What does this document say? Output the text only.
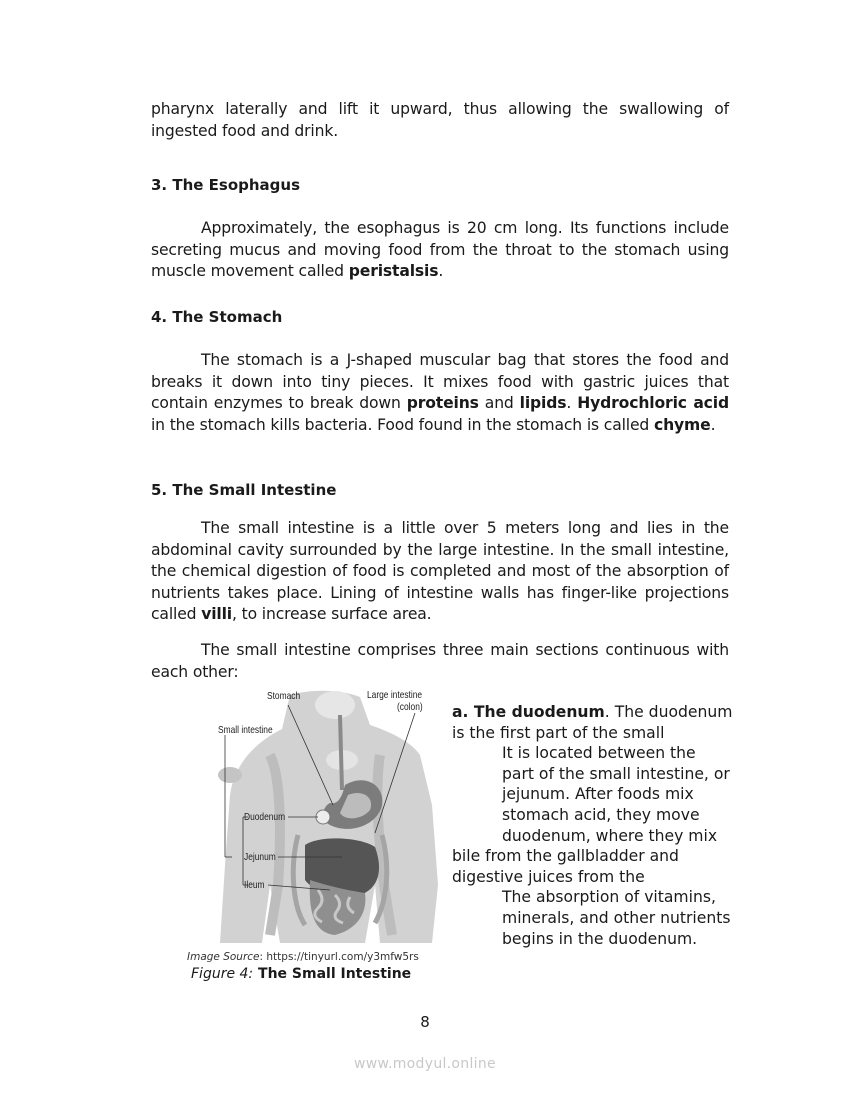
pharynx laterally and lift it upward, thus allowing the swallowing of ingested food and drink.
3. The Esophagus
Approximately, the esophagus is 20 cm long. Its functions include secreting mucus and moving food from the throat to the stomach using muscle movement called peristalsis.
4. The Stomach
The stomach is a J-shaped muscular bag that stores the food and breaks it down into tiny pieces. It mixes food with gastric juices that contain enzymes to break down proteins and lipids. Hydrochloric acid in the stomach kills bacteria. Food found in the stomach is called chyme.
5. The Small Intestine
The small intestine is a little over 5 meters long and lies in the abdominal cavity surrounded by the large intestine. In the small intestine, the chemical digestion of food is completed and most of the absorption of nutrients takes place. Lining of intestine walls has finger-like projections called villi, to increase surface area.
The small intestine comprises three main sections continuous with each other:
Stomach	Large intestine
(colon)
Small intestine
Duodenum
Jejunum
Ileum
Image Source: https://tinyurl.com/y3mfw5rs
Figure 4: The Small Intestine
a. The duodenum. The duodenum
is the first part of the small
It is located between the
part of the small intestine, or
jejunum. After foods mix
stomach acid, they move
duodenum, where they mix
bile from the gallbladder and
digestive juices from the
The absorption of vitamins,
minerals, and other nutrients
begins in the duodenum.
8
www.modyul.online
